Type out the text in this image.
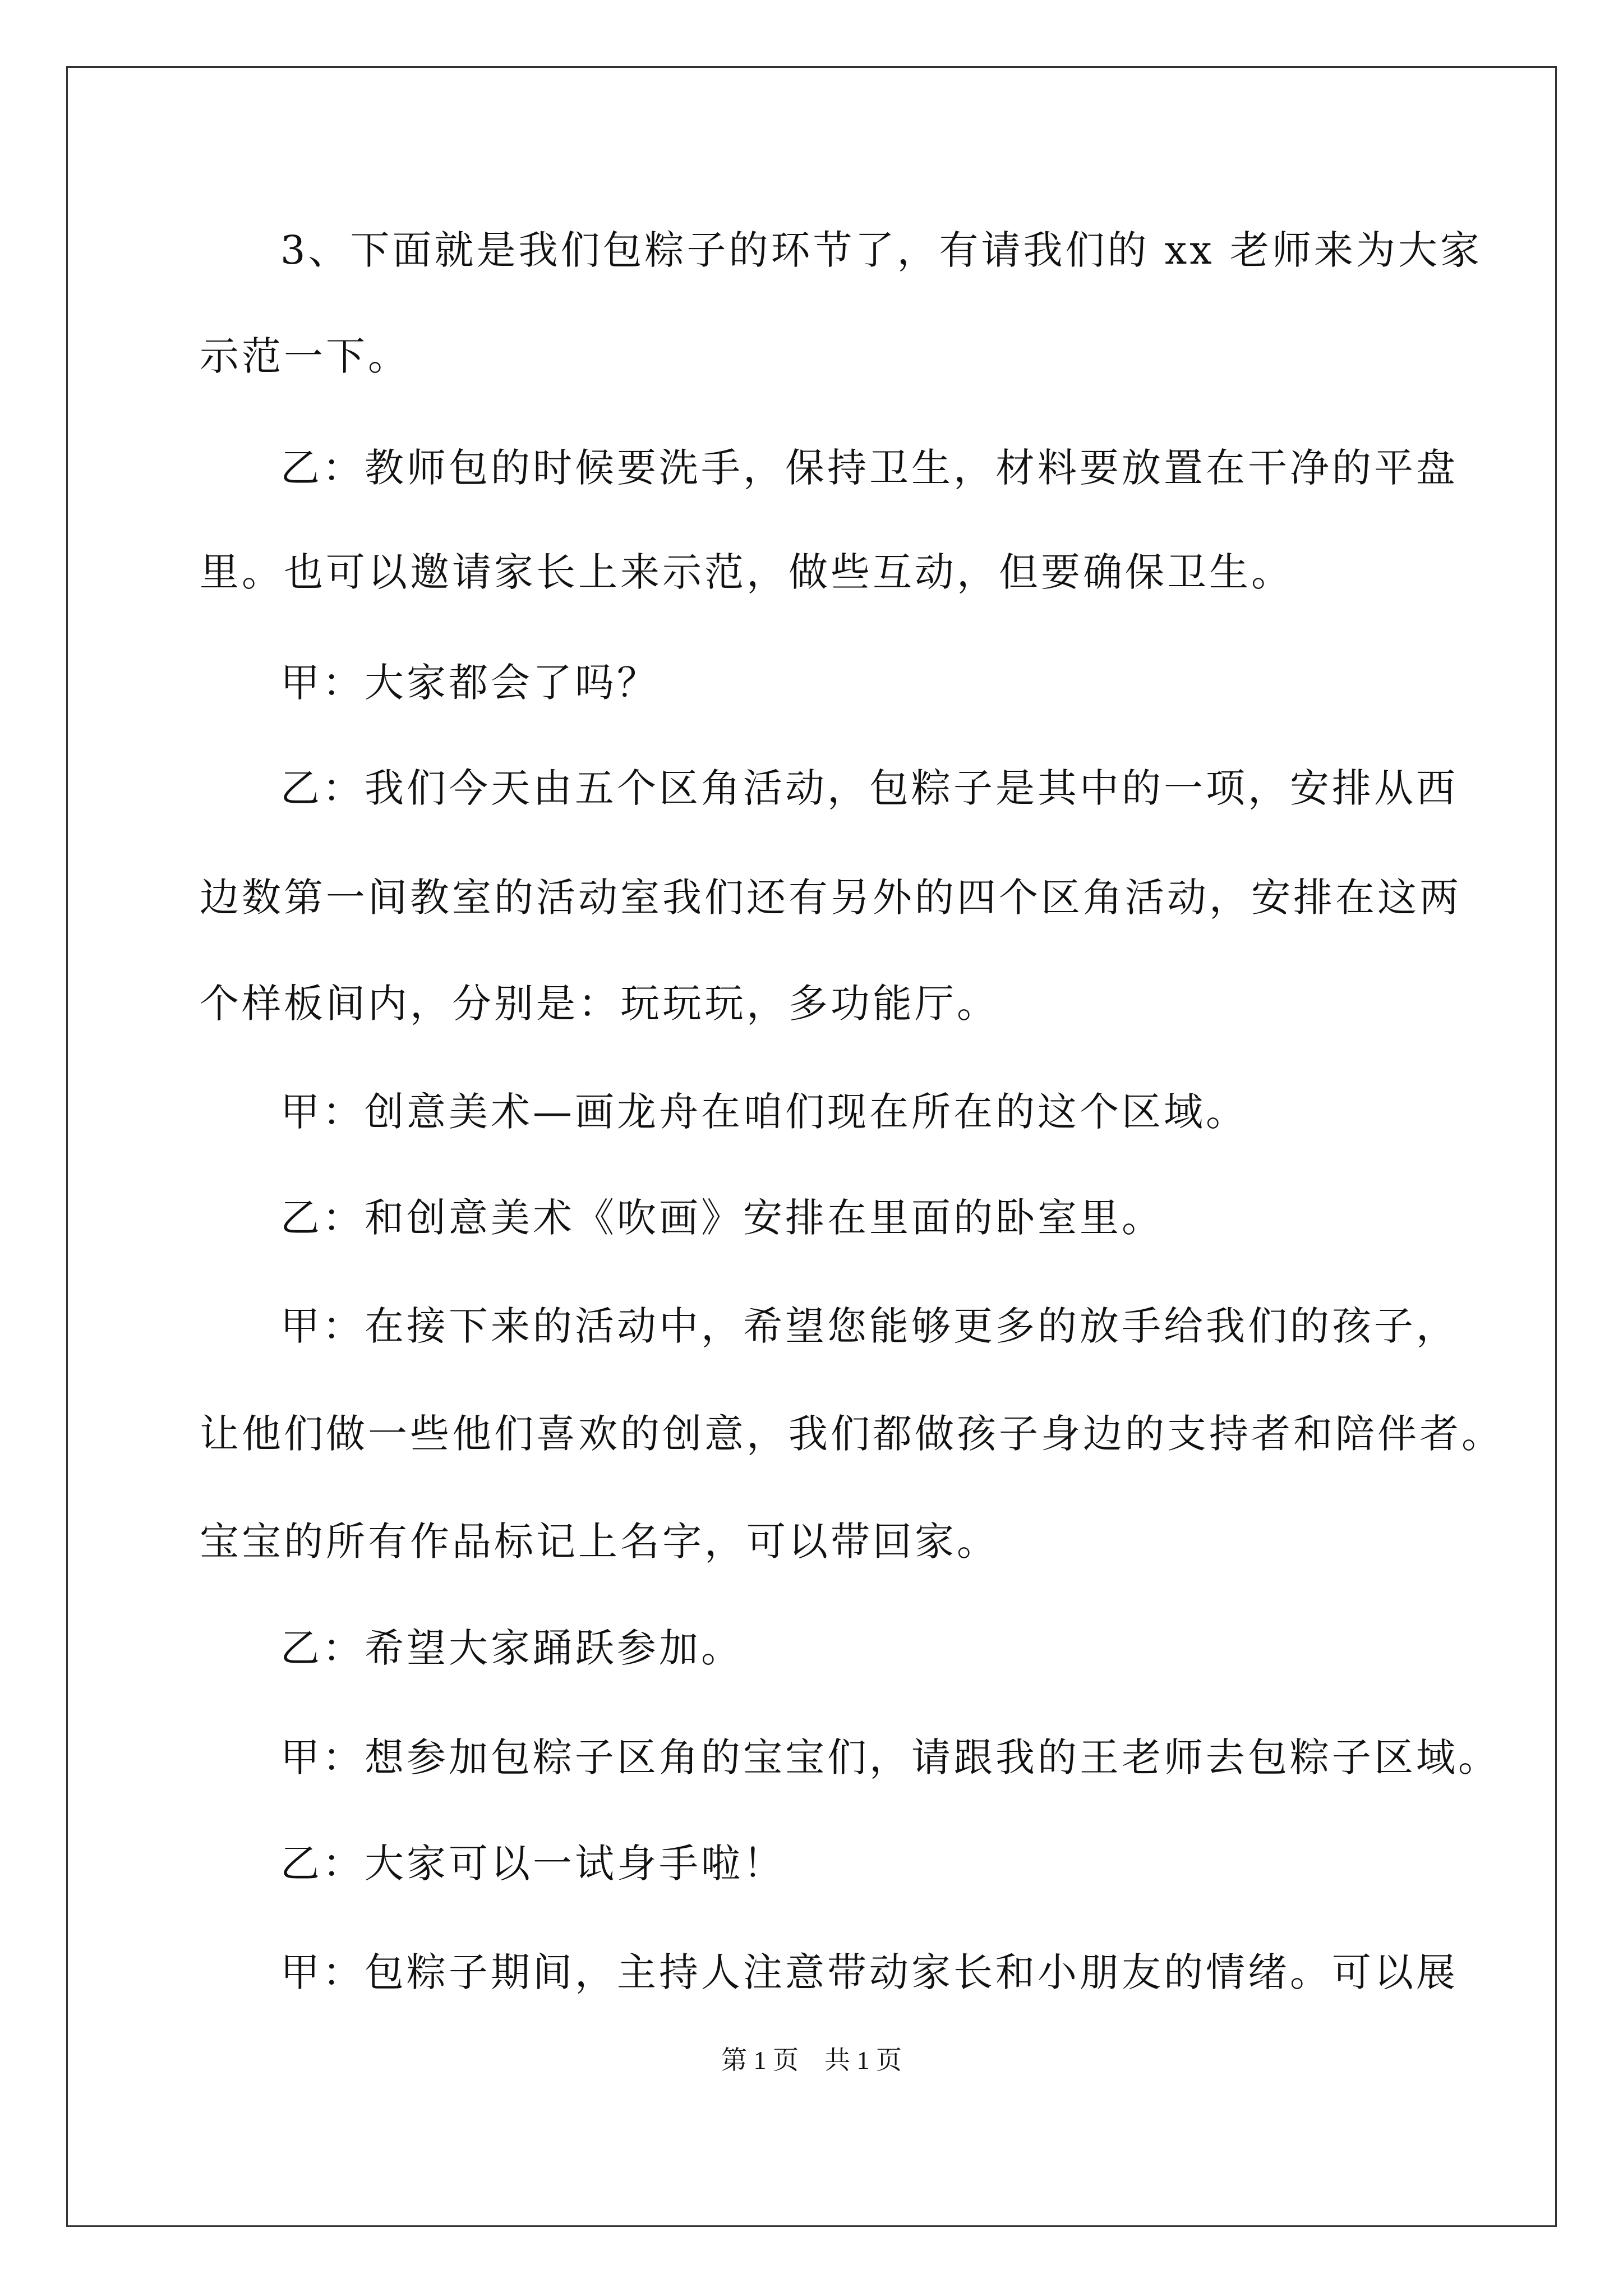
3、下面就是我们包粽子的环节了，有请我们的 xx 老师来为大家
示范一下。
乙：教师包的时候要洗手，保持卫生，材料要放置在干净的平盘
里。也可以邀请家长上来示范，做些互动，但要确保卫生。
甲：大家都会了吗？
乙：我们今天由五个区角活动，包粽子是其中的一项，安排从西
边数第一间教室的活动室我们还有另外的四个区角活动，安排在这两
个样板间内，分别是：玩玩玩，多功能厅。
甲：创意美术—画龙舟在咱们现在所在的这个区域。
乙：和创意美术《吹画》安排在里面的卧室里。
甲：在接下来的活动中，希望您能够更多的放手给我们的孩子，
让他们做一些他们喜欢的创意，我们都做孩子身边的支持者和陪伴者。
宝宝的所有作品标记上名字，可以带回家。
乙：希望大家踊跃参加。
甲：想参加包粽子区角的宝宝们，请跟我的王老师去包粽子区域。
乙：大家可以一试身手啦！
甲：包粽子期间，主持人注意带动家长和小朋友的情绪。可以展
第 1 页　共 1 页
